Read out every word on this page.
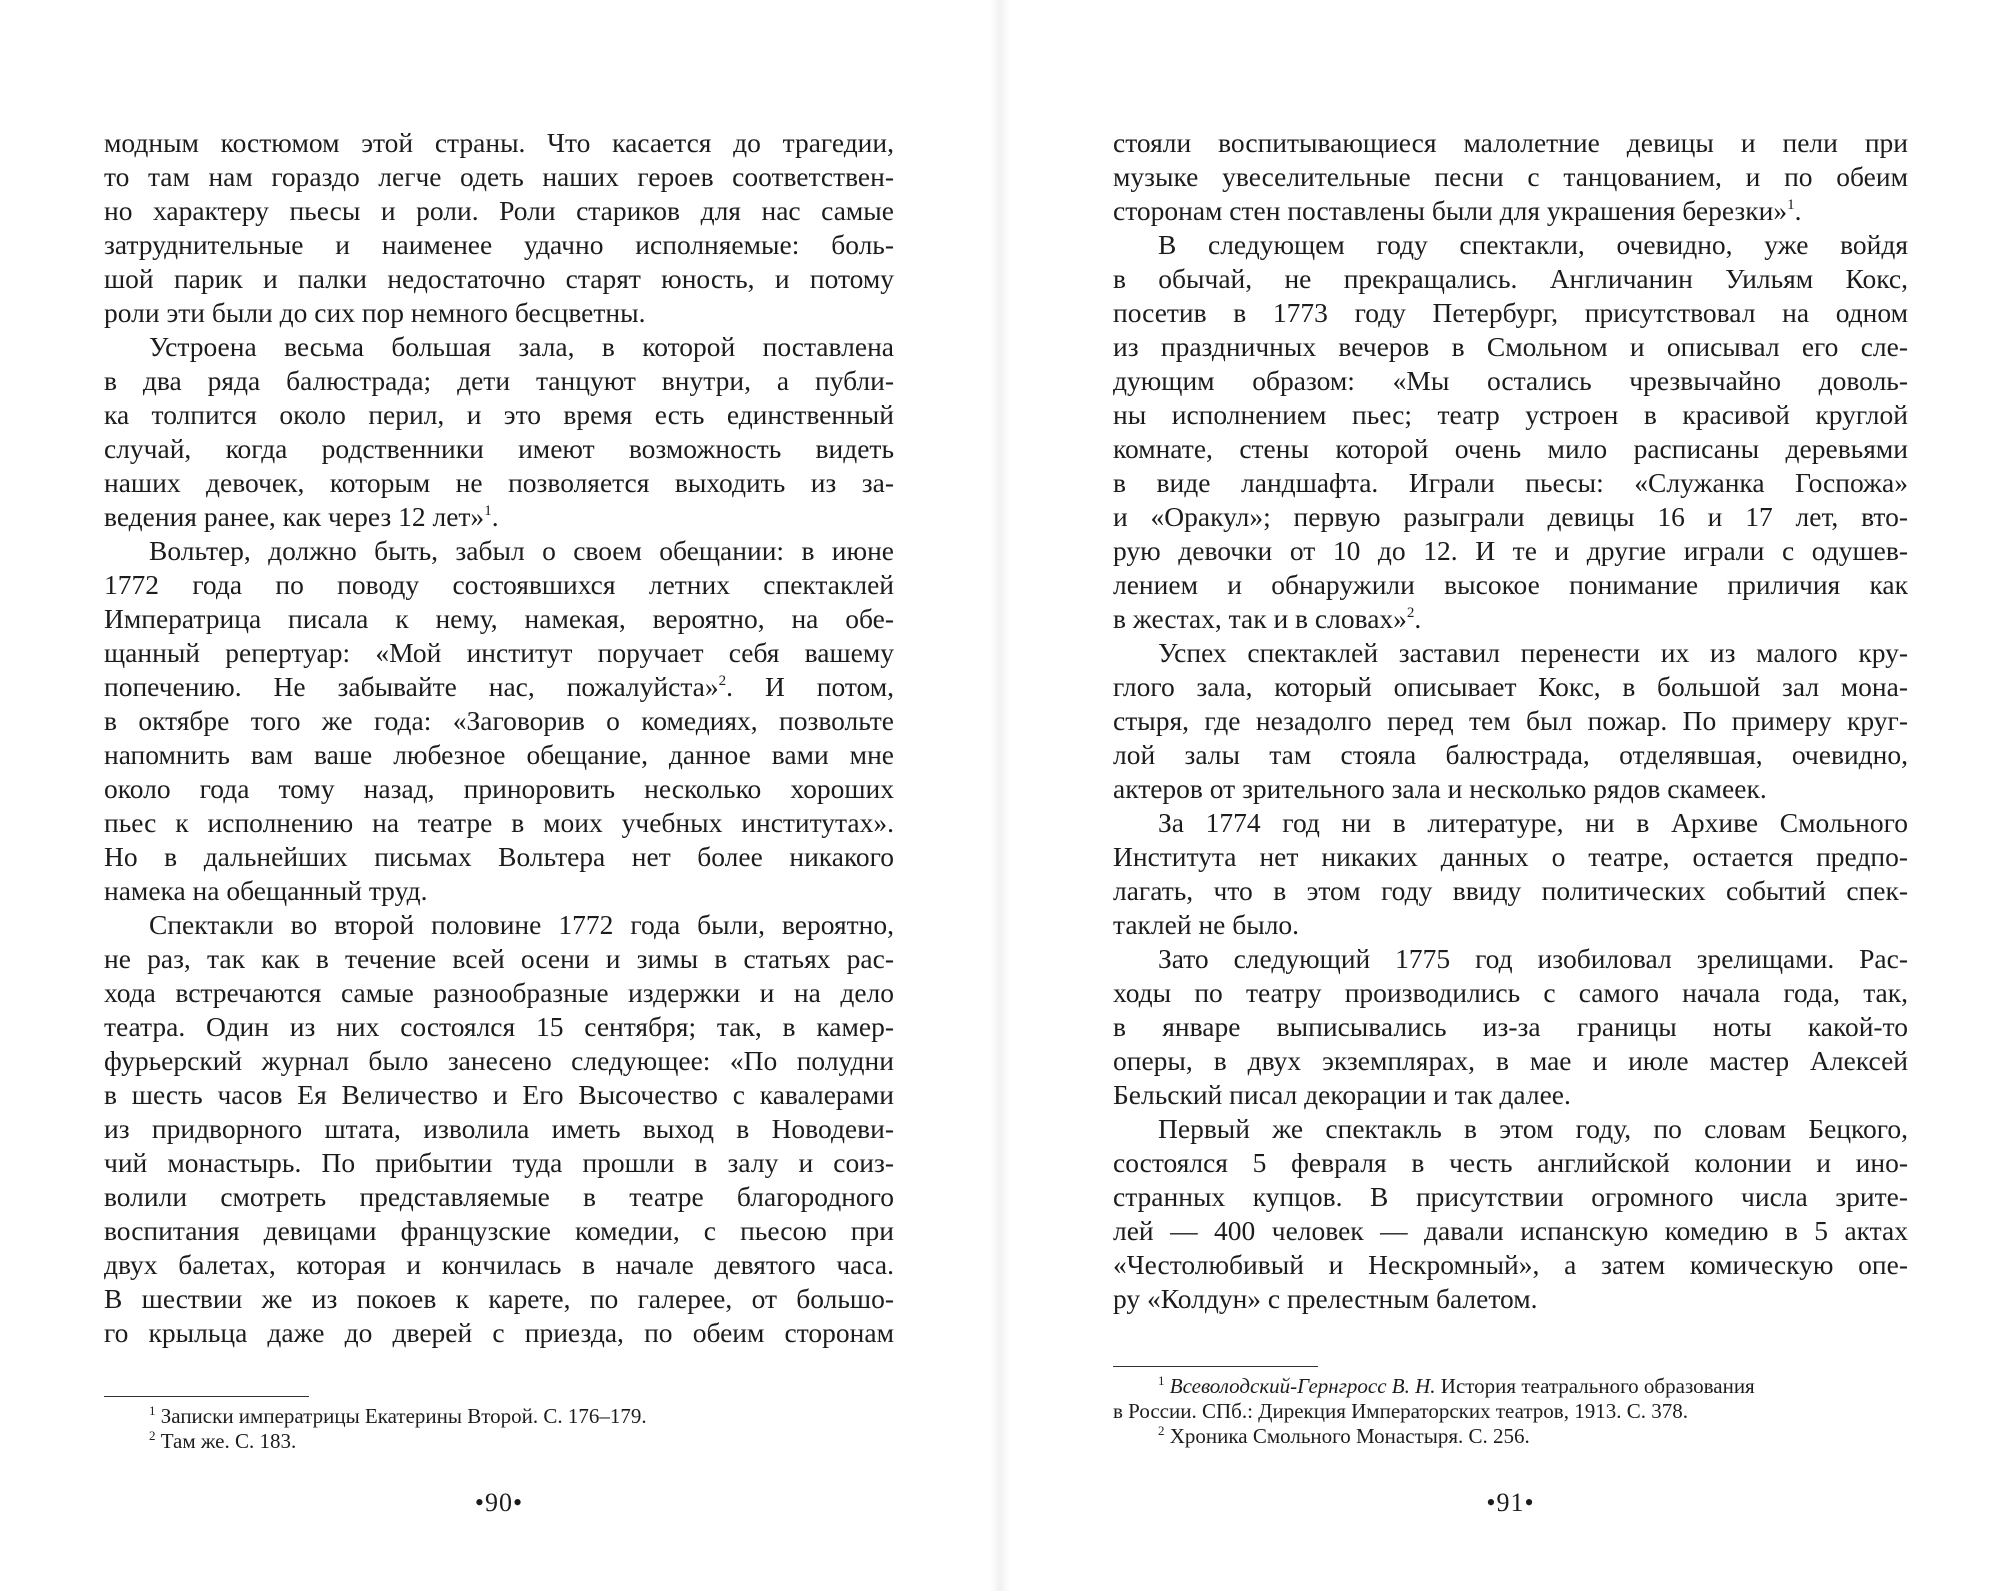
модным костюмом этой страны. Что касается до трагедии,
то там нам гораздо легче одеть наших героев соответствен-
но характеру пьесы и роли. Роли стариков для нас самые
затруднительные и наименее удачно исполняемые: боль-
шой парик и палки недостаточно старят юность, и потому
роли эти были до сих пор немного бесцветны.
Устроена весьма большая зала, в которой поставлена
в два ряда балюстрада; дети танцуют внутри, а публи-
ка толпится около перил, и это время есть единственный
случай, когда родственники имеют возможность видеть
наших девочек, которым не позволяется выходить из за-
ведения ранее, как через 12 лет»$^1$.
Вольтер, должно быть, забыл о своем обещании: в июне
1772 года по поводу состоявшихся летних спектаклей
Императрица писала к нему, намекая, вероятно, на обе-
щанный репертуар: «Мой институт поручает себя вашему
попечению. Не забывайте нас, пожалуйста»$^2$. И потом,
в октябре того же года: «Заговорив о комедиях, позвольте
напомнить вам ваше любезное обещание, данное вами мне
около года тому назад, принoровить несколько хороших
пьес к исполнению на театре в моих учебных институтах».
Но в дальнейших письмах Вольтера нет более никакого
намека на обещанный труд.
Спектакли во второй половине 1772 года были, вероятно,
не раз, так как в течение всей осени и зимы в статьях рас-
хода встречаются самые разнообразные издержки и на дело
театра. Один из них состоялся 15 сентября; так, в камер-
фурьерский журнал было занесено следующее: «По полудни
в шесть часов Ея Величество и Его Высочество с кавалерами
из придворного штата, изволила иметь выход в Новодеви-
чий монастырь. По прибытии туда прошли в залу и соиз-
волили смотреть представляемые в театре благородного
воспитания девицами французские комедии, с пьесою при
двух балетах, которая и кончилась в начале девятого часа.
В шествии же из покоев к карете, по галерее, от большо-
го крыльца даже до дверей с приезда, по обеим сторонам
$^1$ Записки императрицы Екатерины Второй. С. 176–179.
$^2$ Там же. С. 183.
•90•
стояли воспитывающиеся малолетние девицы и пели при
музыке увеселительные песни с танцованием, и по обеим
сторонам стен поставлены были для украшения березки»$^1$.
В следующем году спектакли, очевидно, уже войдя
в обычай, не прекращались. Англичанин Уильям Кокс,
посетив в 1773 году Петербург, присутствовал на одном
из праздничных вечеров в Смольном и описывал его сле-
дующим образом: «Мы остались чрезвычайно доволь-
ны исполнением пьес; театр устроен в красивой круглой
комнате, стены которой очень мило расписаны деревьями
в виде ландшафта. Играли пьесы: «Служанка Госпожа»
и «Оракул»; первую разыграли девицы 16 и 17 лет, вто-
рую девочки от 10 до 12. И те и другие играли с одушев-
лением и обнаружили высокое понимание приличия как
в жестах, так и в словах»$^2$.
Успех спектаклей заставил перенести их из малого кру-
глого зала, который описывает Кокс, в большой зал мона-
стыря, где незадолго перед тем был пожар. По примеру круг-
лой залы там стояла балюстрада, отделявшая, очевидно,
актеров от зрительного зала и несколько рядов скамеек.
За 1774 год ни в литературе, ни в Архиве Смольного
Института нет никаких данных о театре, остается предпо-
лагать, что в этом году ввиду политических событий спек-
таклей не было.
Зато следующий 1775 год изобиловал зрелищами. Рас-
ходы по театру производились с самого начала года, так,
в январе выписывались из-за границы ноты какой-то
оперы, в двух экземплярах, в мае и июле мастер Алексей
Бельский писал декорации и так далее.
Первый же спектакль в этом году, по словам Бецкого,
состоялся 5 февраля в честь английской колонии и ино-
странных купцов. В присутствии огромного числа зрите-
лей — 400 человек — давали испанскую комедию в 5 актах
«Честолюбивый и Нескромный», а затем комическую опе-
ру «Колдун» с прелестным балетом.
$^1$ Всеволодский-Гернгросс В. Н. История театрального образования
в России. СПб.: Дирекция Императорских театров, 1913. С. 378.
$^2$ Хроника Смольного Монастыря. С. 256.
•91•
